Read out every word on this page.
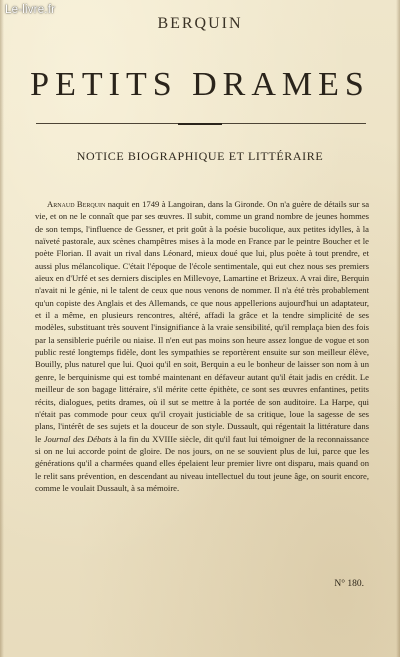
Le-livre.fr
BERQUIN
PETITS DRAMES
NOTICE BIOGRAPHIQUE ET LITTÉRAIRE

Arnaud Berquin naquit en 1749 à Langoiran, dans la Gironde. On n'a guère de détails sur sa vie, et on ne le connaît que par ses œuvres. Il subit, comme un grand nombre de jeunes hommes de son temps, l'influence de Gessner, et prit goût à la poésie bucolique, aux petites idylles, à la naïveté pastorale, aux scènes champêtres mises à la mode en France par le peintre Boucher et le poète Florian. Il avait un rival dans Léonard, mieux doué que lui, plus poète à tout prendre, et aussi plus mélancolique. C'était l'époque de l'école sentimentale, qui eut chez nous ses premiers aïeux en d'Urfé et ses derniers disciples en Millevoye, Lamartine et Brizeux. A vrai dire, Berquin n'avait ni le génie, ni le talent de ceux que nous venons de nommer. Il n'a été très probablement qu'un copiste des Anglais et des Allemands, ce que nous appellerions aujourd'hui un adaptateur, et il a même, en plusieurs rencontres, altéré, affadi la grâce et la tendre simplicité de ses modèles, substituant très souvent l'insignifiance à la vraie sensibilité, qu'il remplaça bien des fois par la sensiblerie puérile ou niaise. Il n'en eut pas moins son heure assez longue de vogue et son public resté longtemps fidèle, dont les sympathies se reportèrent ensuite sur son meilleur élève, Bouilly, plus naturel que lui. Quoi qu'il en soit, Berquin a eu le bonheur de laisser son nom à un genre, le berquinisme qui est tombé maintenant en défaveur autant qu'il était jadis en crédit. Le meilleur de son bagage littéraire, s'il mérite cette épithète, ce sont ses œuvres enfantines, petits récits, dialogues, petits drames, où il sut se mettre à la portée de son auditoire. La Harpe, qui n'était pas commode pour ceux qu'il croyait justiciable de sa critique, loue la sagesse de ses plans, l'intérêt de ses sujets et la douceur de son style. Dussault, qui régentait la littérature dans le Journal des Débats à la fin du XVIIIe siècle, dit qu'il faut lui témoigner de la reconnaissance si on ne lui accorde point de gloire. De nos jours, on ne se souvient plus de lui, parce que les générations qu'il a charmées quand elles épelaient leur premier livre ont disparu, mais quand on le relit sans prévention, en descendant au niveau intellectuel du tout jeune âge, on sourit encore, comme le voulait Dussault, à sa mémoire.

N° 180.
